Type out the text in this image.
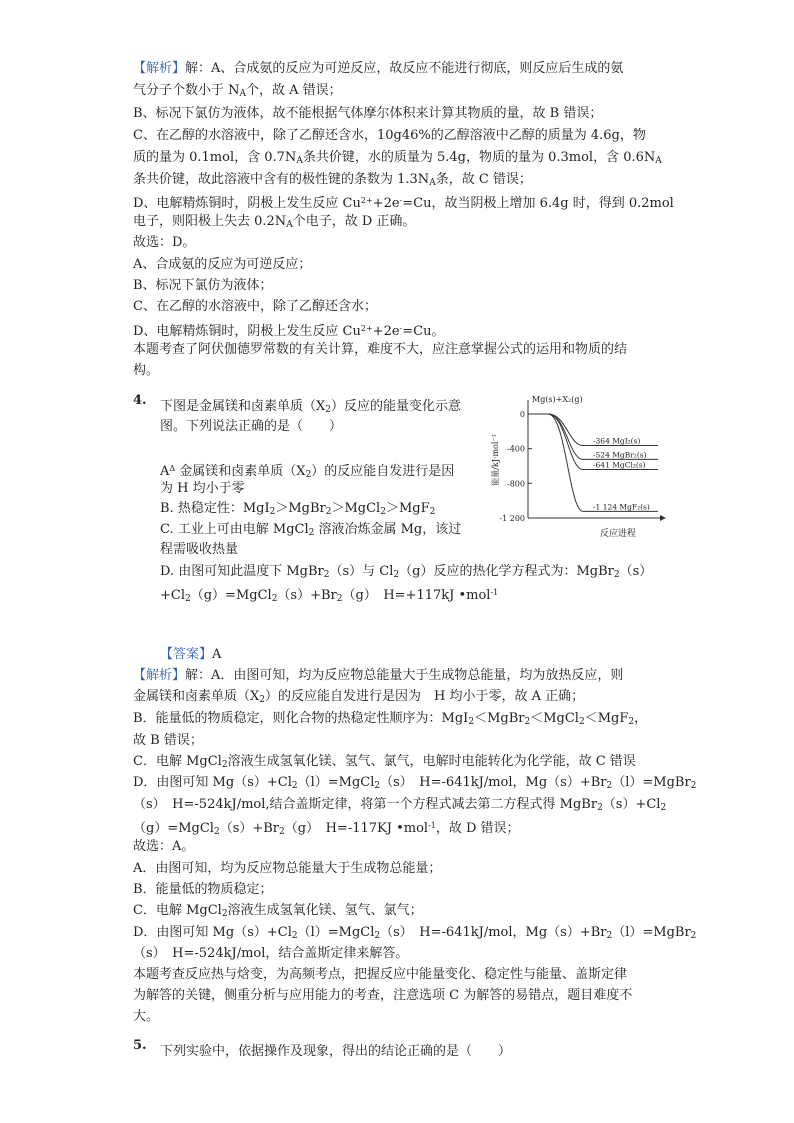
【解析】解：A、合成氨的反应为可逆反应，故反应不能进行彻底，则反应后生成的氨
气分子个数小于 $N_A$个，故 A 错误；
B、标况下氯仿为液体，故不能根据气体摩尔体积来计算其物质的量，故 B 错误；
C、在乙醇的水溶液中，除了乙醇还含水，10g46%的乙醇溶液中乙醇的质量为 4.6g，物
质的量为 0.1mol，含 $0.7N_A$条共价键，水的质量为 5.4g，物质的量为 0.3mol，含 $0.6N_A$
条共价键，故此溶液中含有的极性键的条数为 $1.3N_A$条，故 C 错误；
D、电解精炼铜时，阴极上发生反应 $Cu^{2+}+2e^-=Cu$，故当阴极上增加 6.4g 时，得到 0.2mol
电子，则阳极上失去 $0.2N_A$个电子，故 D 正确。
故选：D。
A、合成氨的反应为可逆反应；
B、标况下氯仿为液体；
C、在乙醇的水溶液中，除了乙醇还含水；
D、电解精炼铜时，阴极上发生反应 $Cu^{2+}+2e^-=Cu$。
本题考查了阿伏伽德罗常数的有关计算，难度不大，应注意掌握公式的运用和物质的结
构。
4. 下图是金属镁和卤素单质$(X_2)$反应的能量变化示意
图。下列说法正确的是（　　）
$A^\Delta$ 金属镁和卤素单质$(X_2)$的反应能自发进行是因
为 H 均小于零
B. 热稳定性：MgI$_2$＞MgBr$_2$＞MgCl$_2$＞MgF$_2$
C. 工业上可由电解 MgCl$_2$ 溶液冶炼金属 Mg，该过
程需吸收热量
D. 由图可知此温度下 MgBr$_2$（s）与 $Cl_2(g)$反应的热化学方程式为：MgBr$_2$（s）
$+Cl_2(g)=MgCl_2(s)+Br_2(g)$　H=+117kJ •mol$^{-1}$
Mg(s)+X₂(g)
能量/kJ·mol⁻¹
0
-400
-800
-1 200
-364 MgI₂(s)
-524 MgBr₂(s)
-641 MgCl₂(s)
-1 124 MgF₂(s)
反应进程
【答案】A
【解析】解：A．由图可知，均为反应物总能量大于生成物总能量，均为放热反应，则
金属镁和卤素单质$(X_2)$的反应能自发进行是因为　H 均小于零，故 A 正确；
B．能量低的物质稳定，则化合物的热稳定性顺序为：MgI$_2$＜MgBr$_2$＜MgCl$_2$＜MgF$_2$，
故 B 错误；
C．电解 MgCl$_2$溶液生成氢氧化镁、氢气、氯气，电解时电能转化为化学能，故 C 错误
D．由图可知 $Mg(s)+Cl_2(l)=MgCl_2(s)$　H=-641kJ/mol，$Mg(s)+Br_2(l)=MgBr_2$
（s）　H=-524kJ/mol,结合盖斯定律，将第一个方程式减去第二方程式得 $MgBr_2(s)+Cl_2$
$(g)=MgCl_2(s)+Br_2(g)$　H=-117KJ •mol$^{-1}$，故 D 错误；
故选：A。
A．由图可知，均为反应物总能量大于生成物总能量；
B．能量低的物质稳定；
C．电解 MgCl$_2$溶液生成氢氧化镁、氢气、氯气；
D．由图可知 $Mg(s)+Cl_2(l)=MgCl_2(s)$　H=-641kJ/mol，$Mg(s)+Br_2(l)=MgBr_2$
（s）　H=-524kJ/mol，结合盖斯定律来解答。
本题考查反应热与焓变，为高频考点，把握反应中能量变化、稳定性与能量、盖斯定律
为解答的关键，侧重分析与应用能力的考查，注意选项 C 为解答的易错点，题目难度不
大。
5. 下列实验中，依据操作及现象，得出的结论正确的是（　　）
